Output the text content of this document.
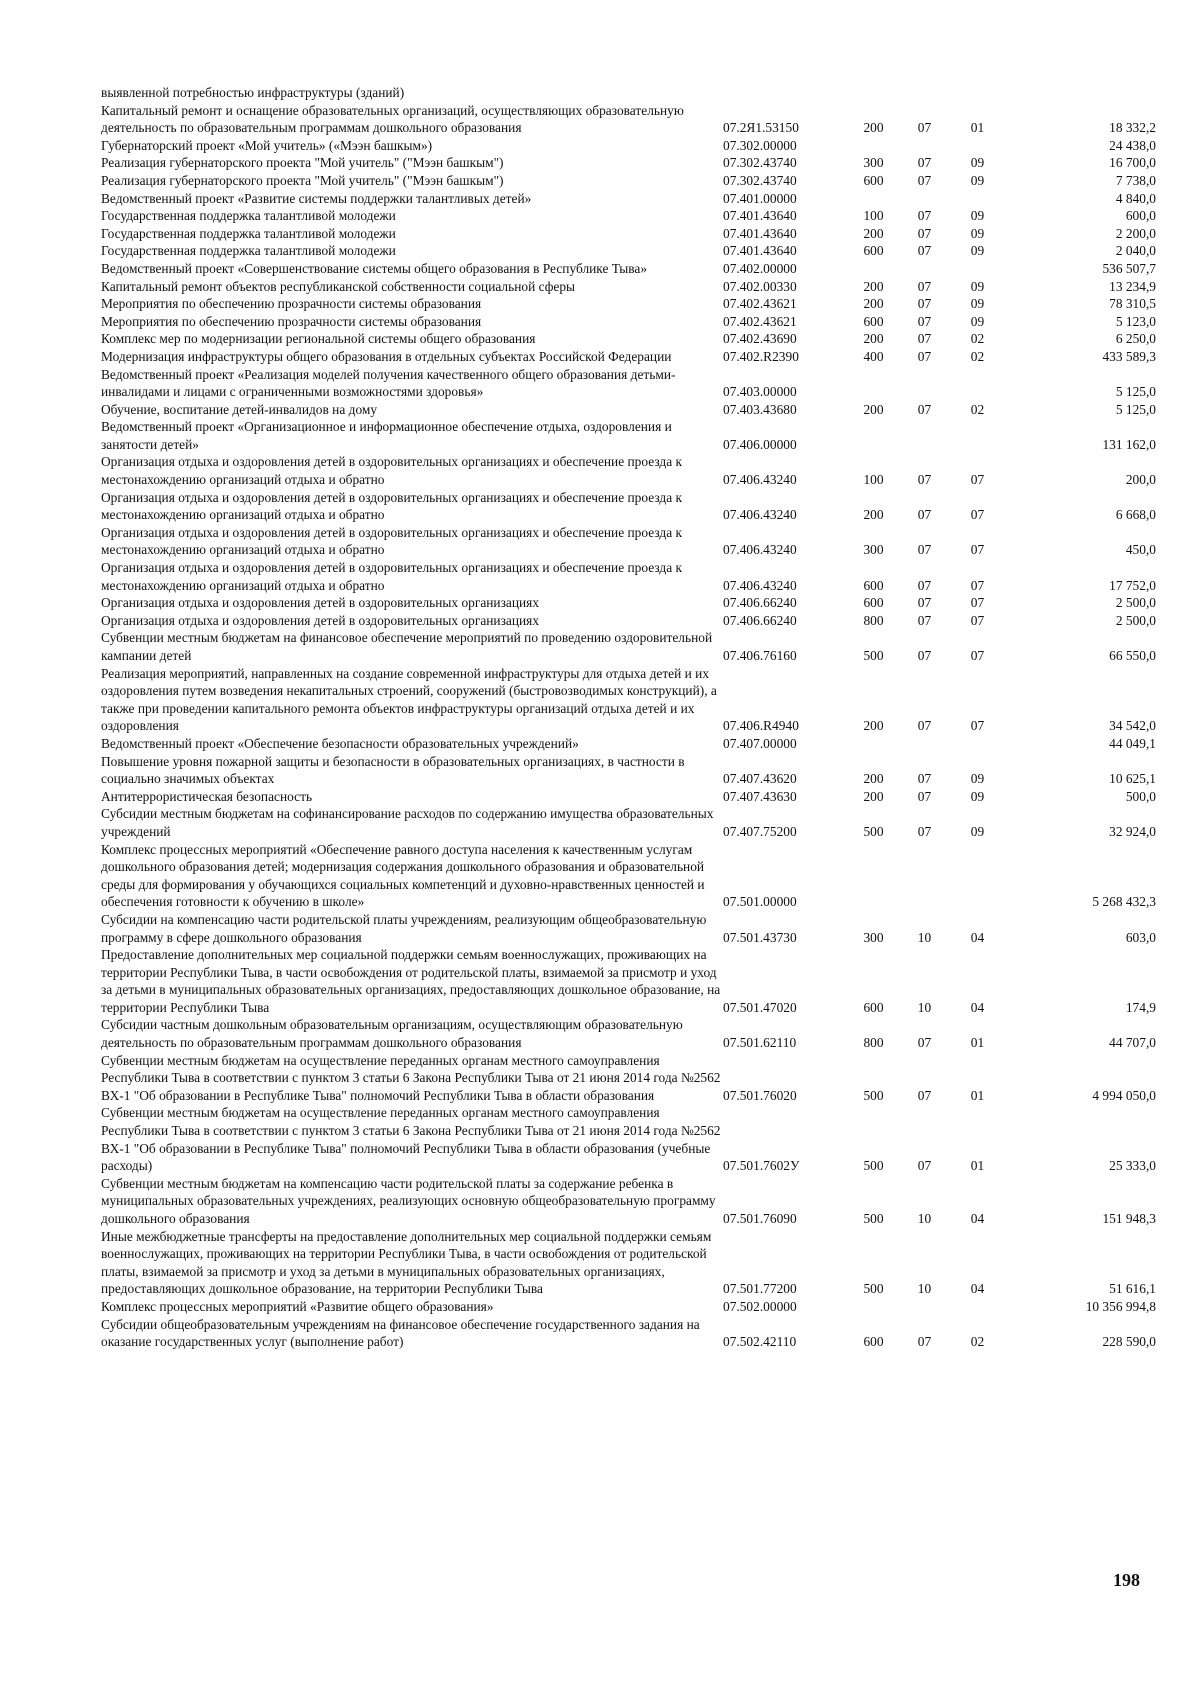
выявленной потребностью инфраструктуры (зданий)					
Капитальный ремонт и оснащение образовательных организаций, осуществляющих образовательную деятельность по образовательным программам дошкольного образования	07.2Я1.53150	200	07	01	18 332,2
Губернаторский проект «Мой учитель» («Мээн башкым»)	07.302.00000				24 438,0
Реализация губернаторского проекта "Мой учитель" ("Мээн башкым")	07.302.43740	300	07	09	16 700,0
Реализация губернаторского проекта "Мой учитель" ("Мээн башкым")	07.302.43740	600	07	09	7 738,0
Ведомственный проект «Развитие системы поддержки талантливых детей»	07.401.00000				4 840,0
Государственная поддержка талантливой молодежи	07.401.43640	100	07	09	600,0
Государственная поддержка талантливой молодежи	07.401.43640	200	07	09	2 200,0
Государственная поддержка талантливой молодежи	07.401.43640	600	07	09	2 040,0
Ведомственный проект «Совершенствование системы общего образования в Республике Тыва»	07.402.00000				536 507,7
Капитальный ремонт объектов республиканской собственности социальной сферы	07.402.00330	200	07	09	13 234,9
Мероприятия по обеспечению прозрачности системы образования	07.402.43621	200	07	09	78 310,5
Мероприятия по обеспечению прозрачности системы образования	07.402.43621	600	07	09	5 123,0
Комплекс мер по модернизации региональной системы общего образования	07.402.43690	200	07	02	6 250,0
Модернизация инфраструктуры общего образования в отдельных субъектах Российской Федерации	07.402.R2390	400	07	02	433 589,3
Ведомственный проект «Реализация моделей получения качественного общего образования детьми-инвалидами и лицами с ограниченными возможностями здоровья»	07.403.00000				5 125,0
Обучение, воспитание детей-инвалидов на дому	07.403.43680	200	07	02	5 125,0
Ведомственный проект «Организационное и информационное обеспечение отдыха, оздоровления и занятости детей»	07.406.00000				131 162,0
Организация отдыха и оздоровления детей в оздоровительных организациях и обеспечение проезда к местонахождению организаций отдыха и обратно	07.406.43240	100	07	07	200,0
Организация отдыха и оздоровления детей в оздоровительных организациях и обеспечение проезда к местонахождению организаций отдыха и обратно	07.406.43240	200	07	07	6 668,0
Организация отдыха и оздоровления детей в оздоровительных организациях и обеспечение проезда к местонахождению организаций отдыха и обратно	07.406.43240	300	07	07	450,0
Организация отдыха и оздоровления детей в оздоровительных организациях и обеспечение проезда к местонахождению организаций отдыха и обратно	07.406.43240	600	07	07	17 752,0
Организация отдыха и оздоровления детей в оздоровительных организациях	07.406.66240	600	07	07	2 500,0
Организация отдыха и оздоровления детей в оздоровительных организациях	07.406.66240	800	07	07	2 500,0
Субвенции местным бюджетам на финансовое обеспечение мероприятий по проведению оздоровительной кампании детей	07.406.76160	500	07	07	66 550,0
Реализация мероприятий, направленных на создание современной инфраструктуры для отдыха детей и их оздоровления путем возведения некапитальных строений, сооружений (быстровозводимых конструкций), а также при проведении капитального ремонта объектов инфраструктуры организаций отдыха детей и их оздоровления	07.406.R4940	200	07	07	34 542,0
Ведомственный проект «Обеспечение безопасности образовательных учреждений»	07.407.00000				44 049,1
Повышение уровня пожарной защиты и безопасности в образовательных организациях, в частности в социально значимых объектах	07.407.43620	200	07	09	10 625,1
Антитеррористическая безопасность	07.407.43630	200	07	09	500,0
Субсидии местным бюджетам на софинансирование расходов по содержанию имущества образовательных учреждений	07.407.75200	500	07	09	32 924,0
Комплекс процессных мероприятий «Обеспечение равного доступа населения к качественным услугам дошкольного образования детей; модернизация содержания дошкольного образования и образовательной среды для формирования у обучающихся социальных компетенций и духовно-нравственных ценностей и обеспечения готовности к обучению в школе»	07.501.00000				5 268 432,3
Субсидии на компенсацию части родительской платы учреждениям, реализующим общеобразовательную программу в сфере дошкольного образования	07.501.43730	300	10	04	603,0
Предоставление дополнительных мер социальной поддержки семьям военнослужащих, проживающих на территории Республики Тыва, в части освобождения от родительской платы, взимаемой за присмотр и уход за детьми в муниципальных образовательных организациях, предоставляющих дошкольное образование, на территории Республики Тыва	07.501.47020	600	10	04	174,9
Субсидии частным дошкольным образовательным организациям, осуществляющим образовательную деятельность по образовательным программам дошкольного образования	07.501.62110	800	07	01	44 707,0
Субвенции местным бюджетам на осуществление переданных органам местного самоуправления Республики Тыва в соответствии с пунктом 3 статьи 6 Закона Республики Тыва от 21 июня 2014 года №2562 ВХ-1 "Об образовании в Республике Тыва" полномочий Республики Тыва в области образования	07.501.76020	500	07	01	4 994 050,0
Субвенции местным бюджетам на осуществление переданных органам местного самоуправления Республики Тыва в соответствии с пунктом 3 статьи 6 Закона Республики Тыва от 21 июня 2014 года №2562 ВХ-1 "Об образовании в Республике Тыва" полномочий Республики Тыва в области образования (учебные расходы)	07.501.7602У	500	07	01	25 333,0
Субвенции местным бюджетам на компенсацию части родительской платы за содержание ребенка в муниципальных образовательных учреждениях, реализующих основную общеобразовательную программу дошкольного образования	07.501.76090	500	10	04	151 948,3
Иные межбюджетные трансферты на предоставление дополнительных мер социальной поддержки семьям военнослужащих, проживающих на территории Республики Тыва, в части освобождения от родительской платы, взимаемой за присмотр и уход за детьми в муниципальных образовательных организациях, предоставляющих дошкольное образование, на территории Республики Тыва	07.501.77200	500	10	04	51 616,1
Комплекс процессных мероприятий «Развитие общего образования»	07.502.00000				10 356 994,8
Субсидии общеобразовательным учреждениям на финансовое обеспечение государственного задания на оказание государственных услуг (выполнение работ)	07.502.42110	600	07	02	228 590,0
198
